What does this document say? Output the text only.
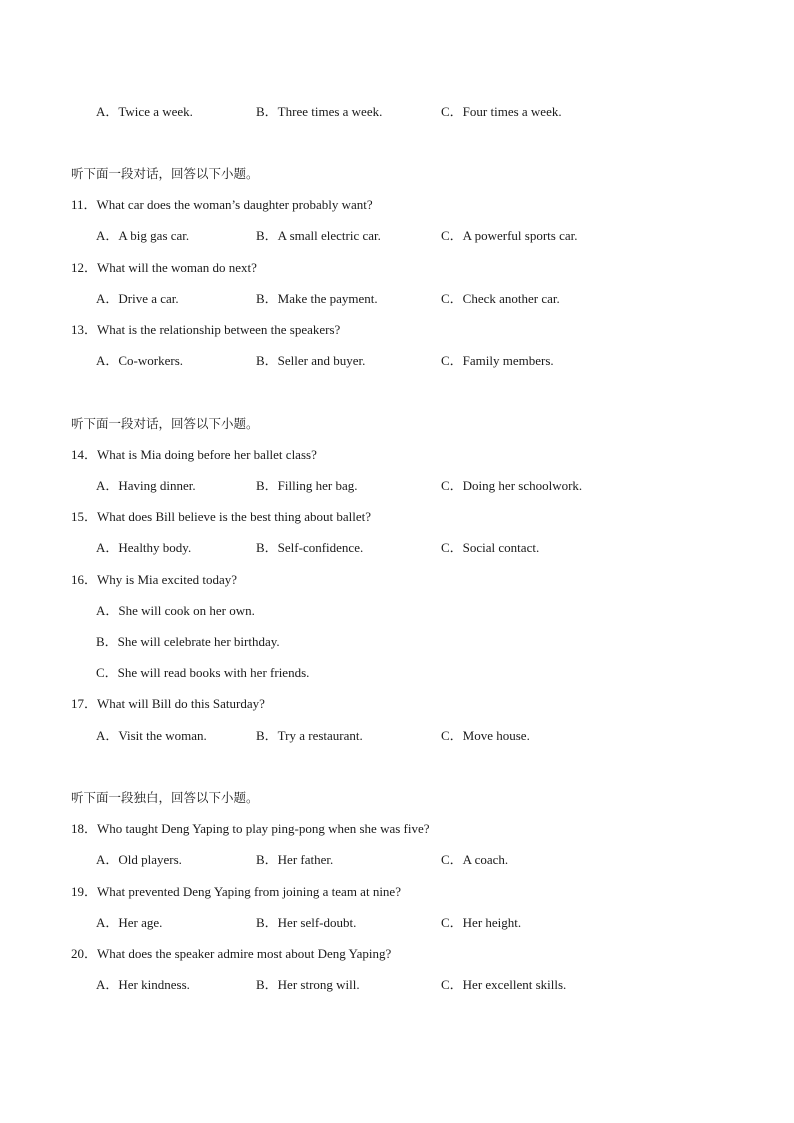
A．Twice a week.	B．Three times a week.	C．Four times a week.
听下面一段对话，回答以下小题。
11．What car does the woman’s daughter probably want?
A．A big gas car.	B．A small electric car.	C．A powerful sports car.
12．What will the woman do next?
A．Drive a car.	B．Make the payment.	C．Check another car.
13．What is the relationship between the speakers?
A．Co-workers.	B．Seller and buyer.	C．Family members.
听下面一段对话，回答以下小题。
14．What is Mia doing before her ballet class?
A．Having dinner.	B．Filling her bag.	C．Doing her schoolwork.
15．What does Bill believe is the best thing about ballet?
A．Healthy body.	B．Self-confidence.	C．Social contact.
16．Why is Mia excited today?
A．She will cook on her own.
B．She will celebrate her birthday.
C．She will read books with her friends.
17．What will Bill do this Saturday?
A．Visit the woman.	B．Try a restaurant.	C．Move house.
听下面一段独白，回答以下小题。
18．Who taught Deng Yaping to play ping-pong when she was five?
A．Old players.	B．Her father.	C．A coach.
19．What prevented Deng Yaping from joining a team at nine?
A．Her age.	B．Her self-doubt.	C．Her height.
20．What does the speaker admire most about Deng Yaping?
A．Her kindness.	B．Her strong will.	C．Her excellent skills.
